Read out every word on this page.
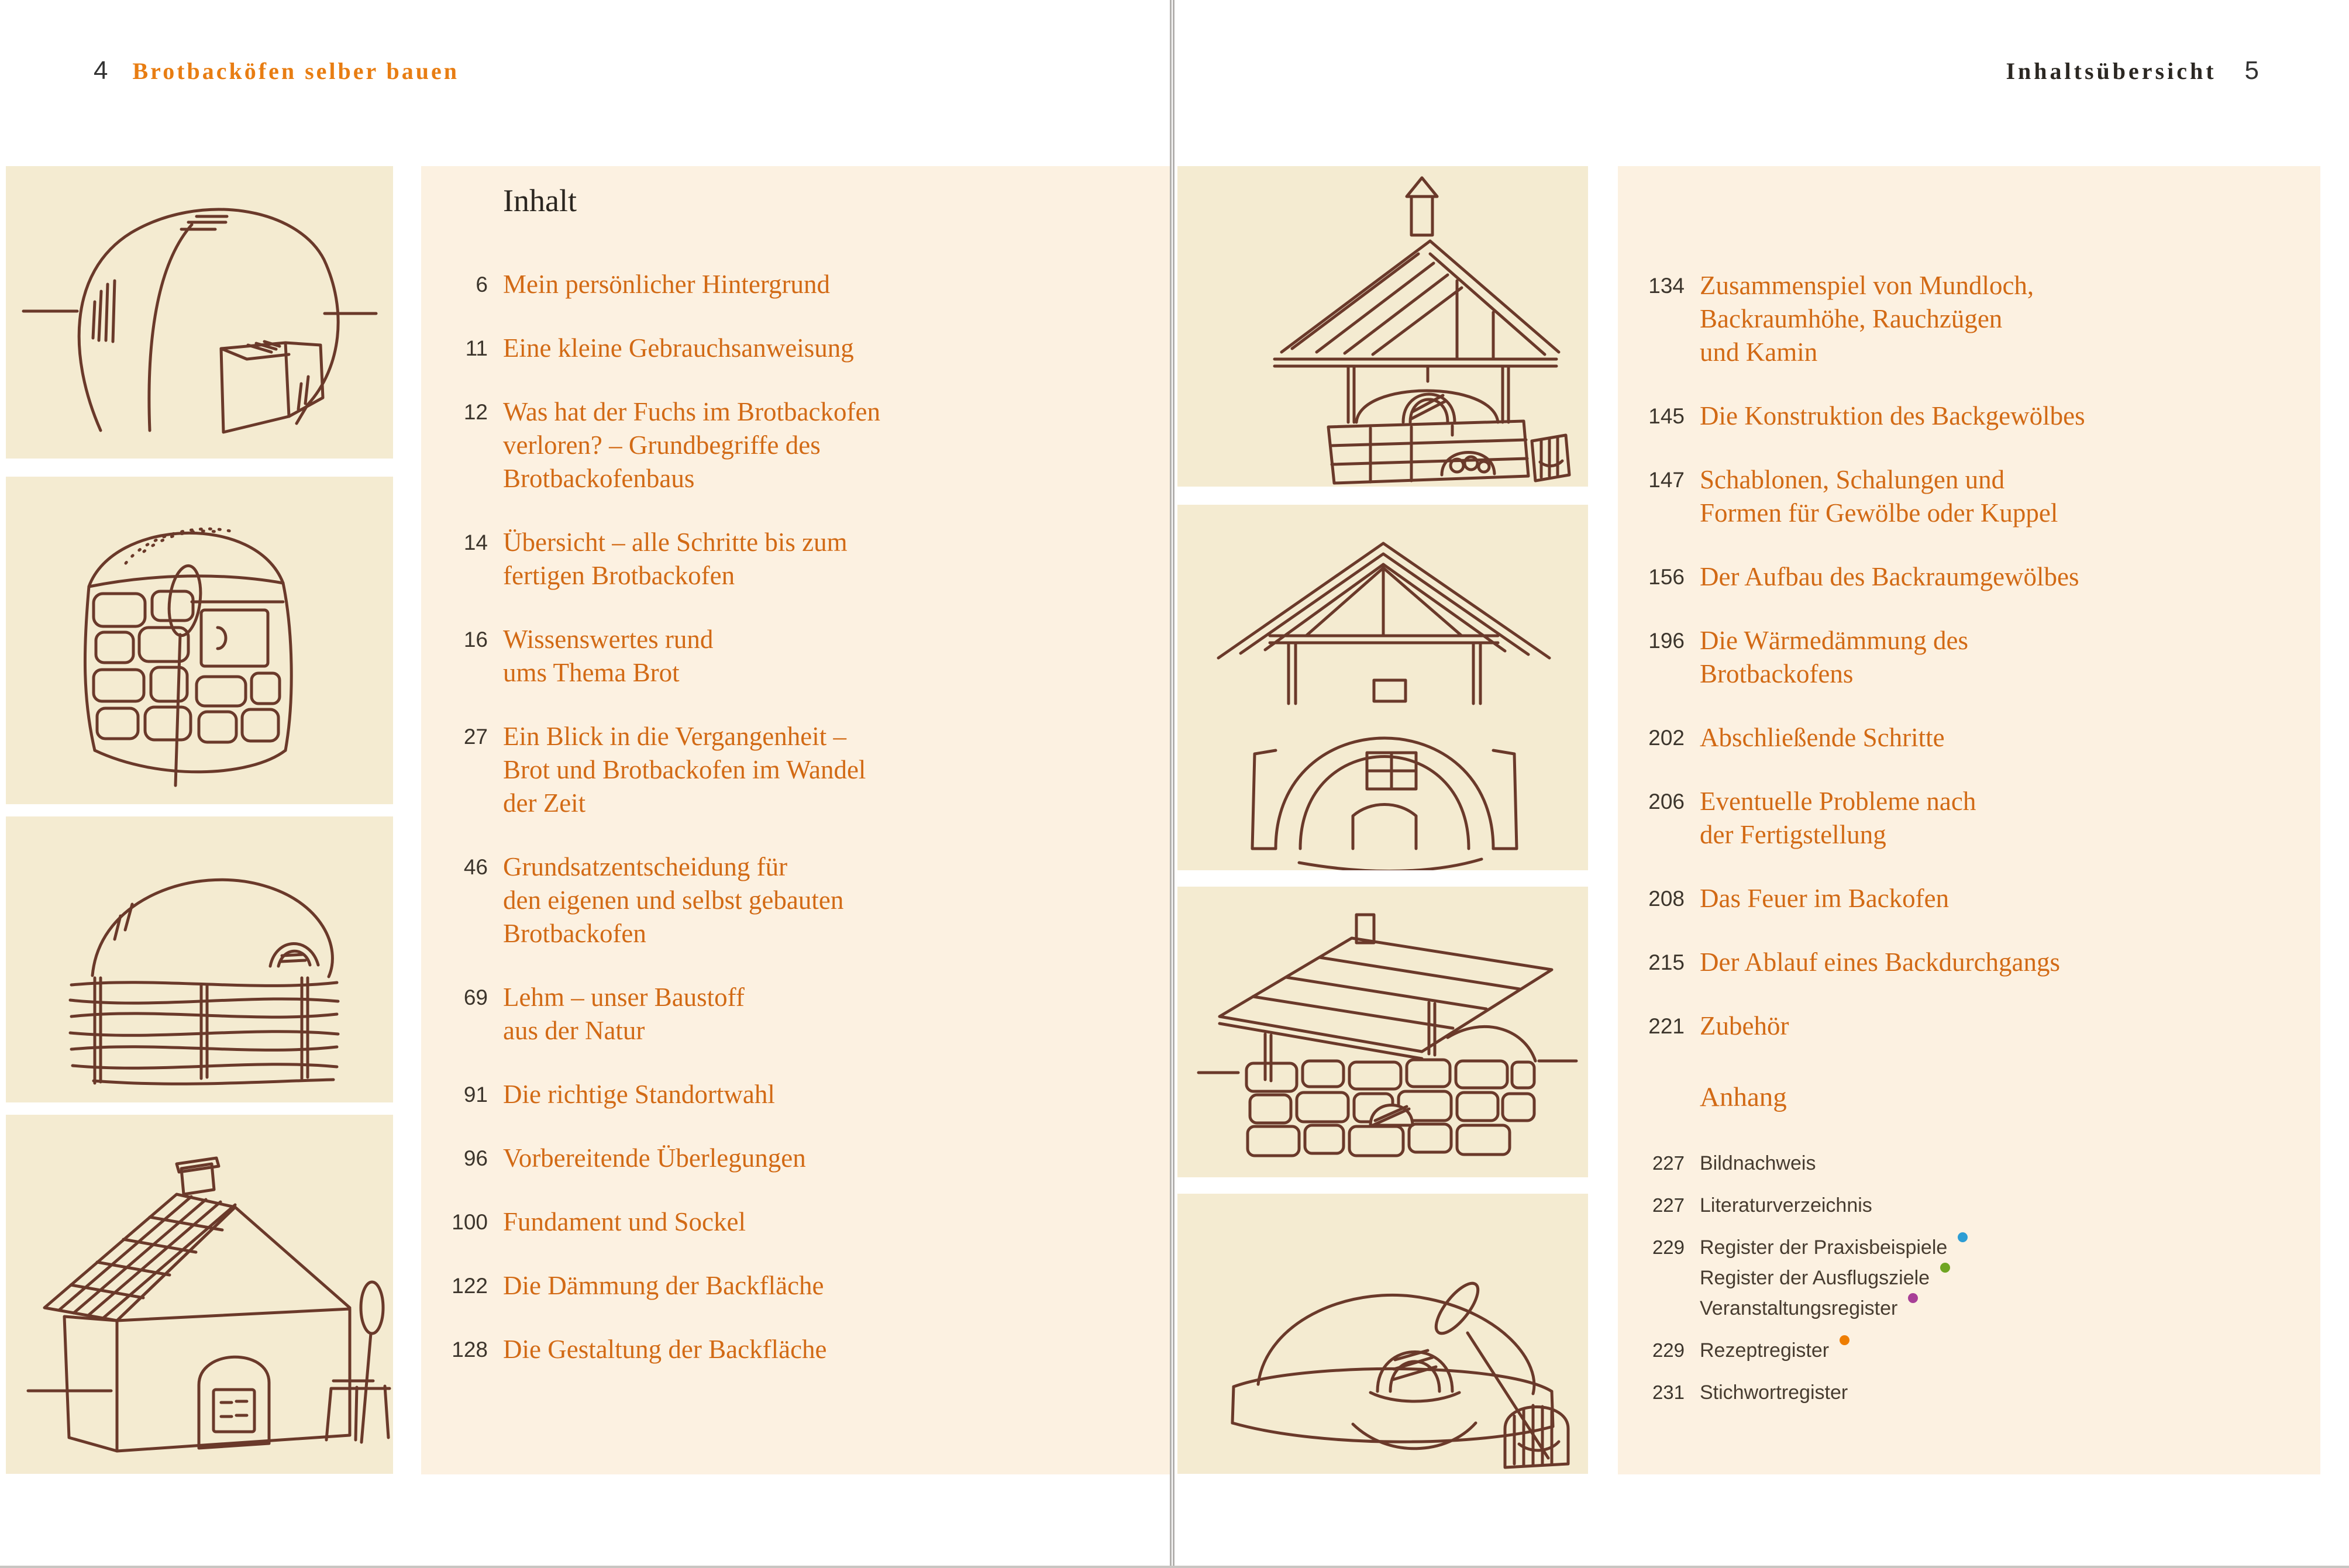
4 Brotbacköfen selber bauen	Inhaltsübersicht 5
Inhalt
6 Mein persönlicher Hintergrund
11 Eine kleine Gebrauchsanweisung
12 Was hat der Fuchs im Brotbackofen
verloren? – Grundbegriffe des
Brotbackofenbaus
14 Übersicht – alle Schritte bis zum
fertigen Brotbackofen
16 Wissenswertes rund
ums Thema Brot
27 Ein Blick in die Vergangenheit –
Brot und Brotbackofen im Wandel
der Zeit
46 Grundsatzentscheidung für
den eigenen und selbst gebauten
Brotbackofen
69 Lehm – unser Baustoff
aus der Natur
91 Die richtige Standortwahl
96 Vorbereitende Überlegungen
100 Fundament und Sockel
122 Die Dämmung der Backfläche
128 Die Gestaltung der Backfläche
134 Zusammenspiel von Mundloch,
Backraumhöhe, Rauchzügen
und Kamin
145 Die Konstruktion des Backgewölbes
147 Schablonen, Schalungen und
Formen für Gewölbe oder Kuppel
156 Der Aufbau des Backraumgewölbes
196 Die Wärmedämmung des
Brotbackofens
202 Abschließende Schritte
206 Eventuelle Probleme nach
der Fertigstellung
208 Das Feuer im Backofen
215 Der Ablauf eines Backdurchgangs
221 Zubehör
Anhang
227 Bildnachweis
227 Literaturverzeichnis
229 Register der Praxisbeispiele
Register der Ausflugsziele
Veranstaltungsregister
229 Rezeptregister
231 Stichwortregister
